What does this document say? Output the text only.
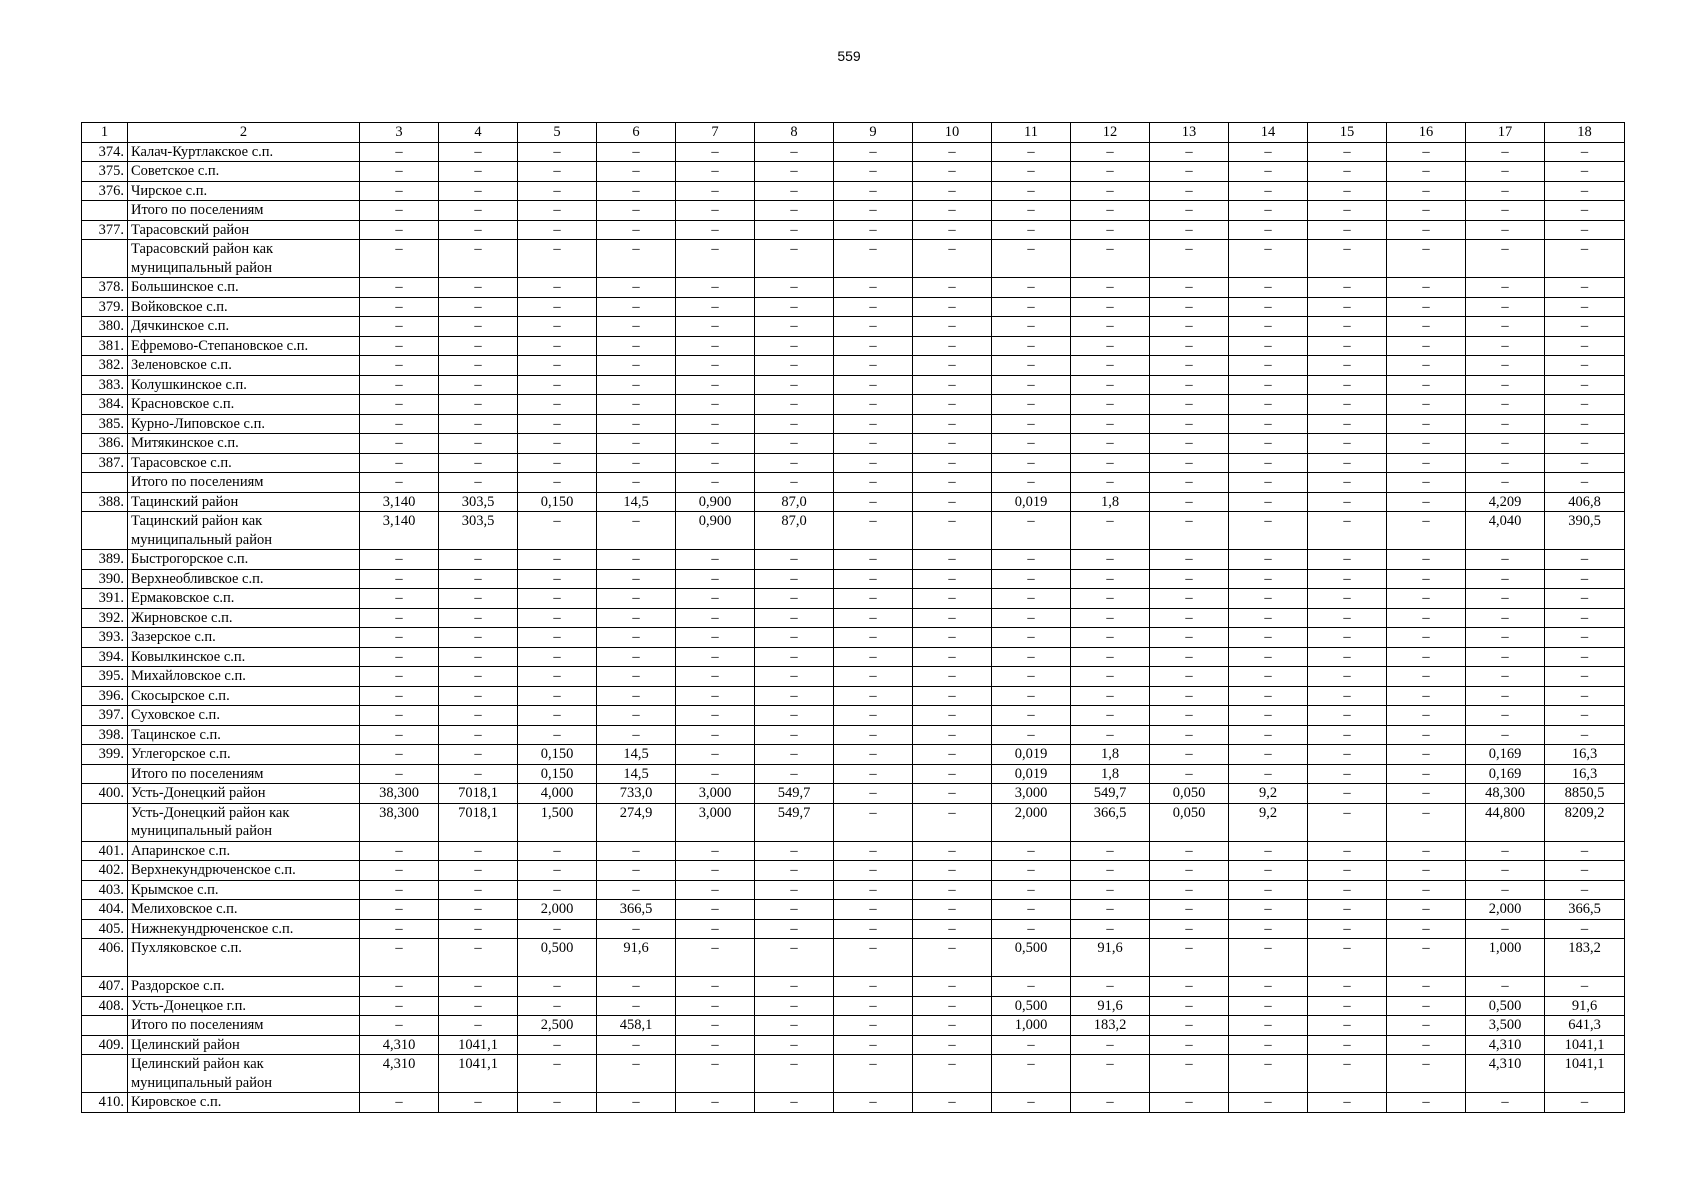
559
1	2	3	4	5	6	7	8	9	10	11	12	13	14	15	16	17	18
374.	Калач-Куртлакское с.п.	–	–	–	–	–	–	–	–	–	–	–	–	–	–	–	–
375.	Советское с.п.	–	–	–	–	–	–	–	–	–	–	–	–	–	–	–	–
376.	Чирское с.п.	–	–	–	–	–	–	–	–	–	–	–	–	–	–	–	–
	Итого по поселениям	–	–	–	–	–	–	–	–	–	–	–	–	–	–	–	–
377.	Тарасовский район	–	–	–	–	–	–	–	–	–	–	–	–	–	–	–	–
	Тарасовский район как муниципальный район	–	–	–	–	–	–	–	–	–	–	–	–	–	–	–	–
378.	Большинское с.п.	–	–	–	–	–	–	–	–	–	–	–	–	–	–	–	–
379.	Войковское с.п.	–	–	–	–	–	–	–	–	–	–	–	–	–	–	–	–
380.	Дячкинское с.п.	–	–	–	–	–	–	–	–	–	–	–	–	–	–	–	–
381.	Ефремово-Степановское с.п.	–	–	–	–	–	–	–	–	–	–	–	–	–	–	–	–
382.	Зеленовское с.п.	–	–	–	–	–	–	–	–	–	–	–	–	–	–	–	–
383.	Колушкинское с.п.	–	–	–	–	–	–	–	–	–	–	–	–	–	–	–	–
384.	Красновское с.п.	–	–	–	–	–	–	–	–	–	–	–	–	–	–	–	–
385.	Курно-Липовское с.п.	–	–	–	–	–	–	–	–	–	–	–	–	–	–	–	–
386.	Митякинское с.п.	–	–	–	–	–	–	–	–	–	–	–	–	–	–	–	–
387.	Тарасовское с.п.	–	–	–	–	–	–	–	–	–	–	–	–	–	–	–	–
	Итого по поселениям	–	–	–	–	–	–	–	–	–	–	–	–	–	–	–	–
388.	Тацинский район	3,140	303,5	0,150	14,5	0,900	87,0	–	–	0,019	1,8	–	–	–	–	4,209	406,8
	Тацинский район как муниципальный район	3,140	303,5	–	–	0,900	87,0	–	–	–	–	–	–	–	–	4,040	390,5
389.	Быстрогорское с.п.	–	–	–	–	–	–	–	–	–	–	–	–	–	–	–	–
390.	Верхнеобливское с.п.	–	–	–	–	–	–	–	–	–	–	–	–	–	–	–	–
391.	Ермаковское с.п.	–	–	–	–	–	–	–	–	–	–	–	–	–	–	–	–
392.	Жирновское с.п.	–	–	–	–	–	–	–	–	–	–	–	–	–	–	–	–
393.	Зазерское с.п.	–	–	–	–	–	–	–	–	–	–	–	–	–	–	–	–
394.	Ковылкинское с.п.	–	–	–	–	–	–	–	–	–	–	–	–	–	–	–	–
395.	Михайловское с.п.	–	–	–	–	–	–	–	–	–	–	–	–	–	–	–	–
396.	Скосырское с.п.	–	–	–	–	–	–	–	–	–	–	–	–	–	–	–	–
397.	Суховское с.п.	–	–	–	–	–	–	–	–	–	–	–	–	–	–	–	–
398.	Тацинское с.п.	–	–	–	–	–	–	–	–	–	–	–	–	–	–	–	–
399.	Углегорское с.п.	–	–	0,150	14,5	–	–	–	–	0,019	1,8	–	–	–	–	0,169	16,3
	Итого по поселениям	–	–	0,150	14,5	–	–	–	–	0,019	1,8	–	–	–	–	0,169	16,3
400.	Усть-Донецкий район	38,300	7018,1	4,000	733,0	3,000	549,7	–	–	3,000	549,7	0,050	9,2	–	–	48,300	8850,5
	Усть-Донецкий район как муниципальный район	38,300	7018,1	1,500	274,9	3,000	549,7	–	–	2,000	366,5	0,050	9,2	–	–	44,800	8209,2
401.	Апаринское с.п.	–	–	–	–	–	–	–	–	–	–	–	–	–	–	–	–
402.	Верхнекундрюченское с.п.	–	–	–	–	–	–	–	–	–	–	–	–	–	–	–	–
403.	Крымское с.п.	–	–	–	–	–	–	–	–	–	–	–	–	–	–	–	–
404.	Мелиховское с.п.	–	–	2,000	366,5	–	–	–	–	–	–	–	–	–	–	2,000	366,5
405.	Нижнекундрюченское с.п.	–	–	–	–	–	–	–	–	–	–	–	–	–	–	–	–
406.	Пухляковское с.п.	–	–	0,500	91,6	–	–	–	–	0,500	91,6	–	–	–	–	1,000	183,2
407.	Раздорское с.п.	–	–	–	–	–	–	–	–	–	–	–	–	–	–	–	–
408.	Усть-Донецкое г.п.	–	–	–	–	–	–	–	–	0,500	91,6	–	–	–	–	0,500	91,6
	Итого по поселениям	–	–	2,500	458,1	–	–	–	–	1,000	183,2	–	–	–	–	3,500	641,3
409.	Целинский район	4,310	1041,1	–	–	–	–	–	–	–	–	–	–	–	–	4,310	1041,1
	Целинский район как муниципальный район	4,310	1041,1	–	–	–	–	–	–	–	–	–	–	–	–	4,310	1041,1
410.	Кировское с.п.	–	–	–	–	–	–	–	–	–	–	–	–	–	–	–	–
